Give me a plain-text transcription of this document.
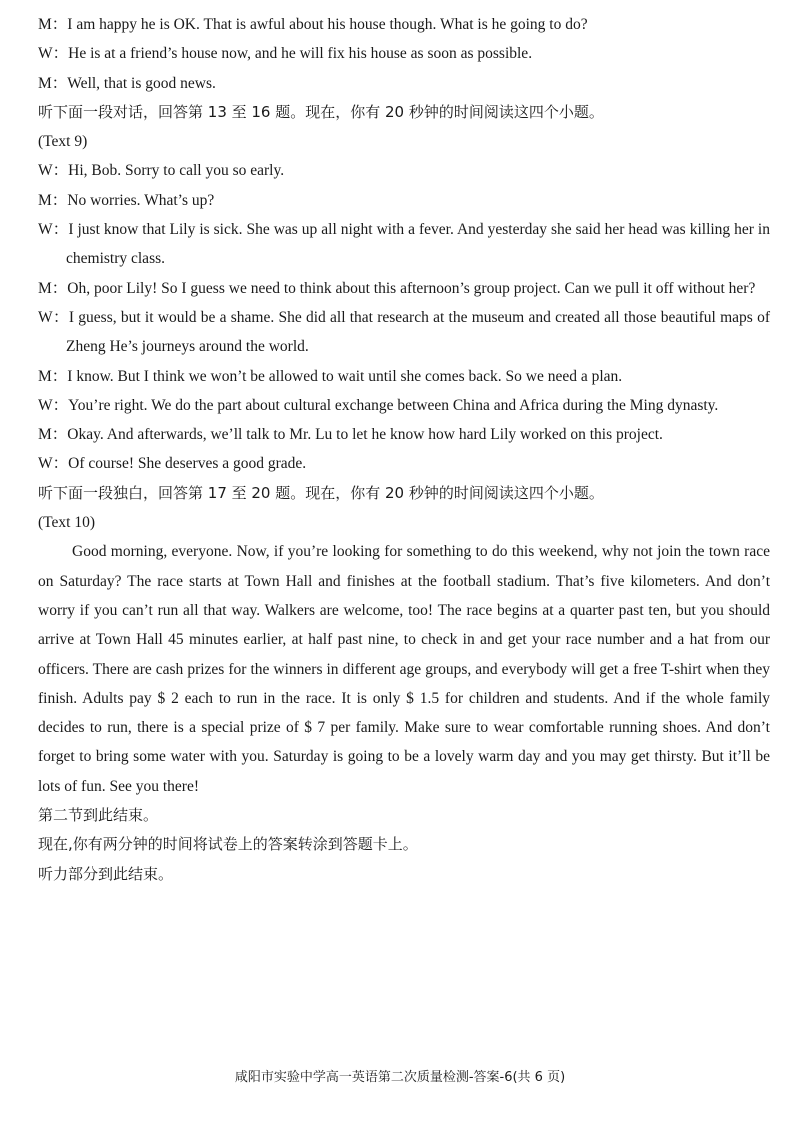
M：I am happy he is OK. That is awful about his house though. What is he going to do?
W：He is at a friend’s house now, and he will fix his house as soon as possible.
M：Well, that is good news.
听下面一段对话，回答第 13 至 16 题。现在，你有 20 秒钟的时间阅读这四个小题。
(Text 9)
W：Hi, Bob. Sorry to call you so early.
M：No worries. What’s up?
W：I just know that Lily is sick. She was up all night with a fever. And yesterday she said her head was killing her in chemistry class.
M：Oh, poor Lily! So I guess we need to think about this afternoon’s group project. Can we pull it off without her?
W：I guess, but it would be a shame. She did all that research at the museum and created all those beautiful maps of Zheng He’s journeys around the world.
M：I know. But I think we won’t be allowed to wait until she comes back. So we need a plan.
W：You’re right. We do the part about cultural exchange between China and Africa during the Ming dynasty.
M：Okay. And afterwards, we’ll talk to Mr. Lu to let he know how hard Lily worked on this project.
W：Of course! She deserves a good grade.
听下面一段独白，回答第 17 至 20 题。现在，你有 20 秒钟的时间阅读这四个小题。
(Text 10)
Good morning, everyone. Now, if you’re looking for something to do this weekend, why not join the town race on Saturday? The race starts at Town Hall and finishes at the football stadium. That’s five kilometers. And don’t worry if you can’t run all that way. Walkers are welcome, too! The race begins at a quarter past ten, but you should arrive at Town Hall 45 minutes earlier, at half past nine, to check in and get your race number and a hat from our officers. There are cash prizes for the winners in different age groups, and everybody will get a free T-shirt when they finish. Adults pay $ 2 each to run in the race. It is only $ 1.5 for children and students. And if the whole family decides to run, there is a special prize of $ 7 per family. Make sure to wear comfortable running shoes. And don’t forget to bring some water with you. Saturday is going to be a lovely warm day and you may get thirsty. But it’ll be lots of fun. See you there!
第二节到此结束。
现在,你有两分钟的时间将试卷上的答案转涂到答题卡上。
听力部分到此结束。
咸阳市实验中学高一英语第二次质量检测-答案-6(共 6 页)
